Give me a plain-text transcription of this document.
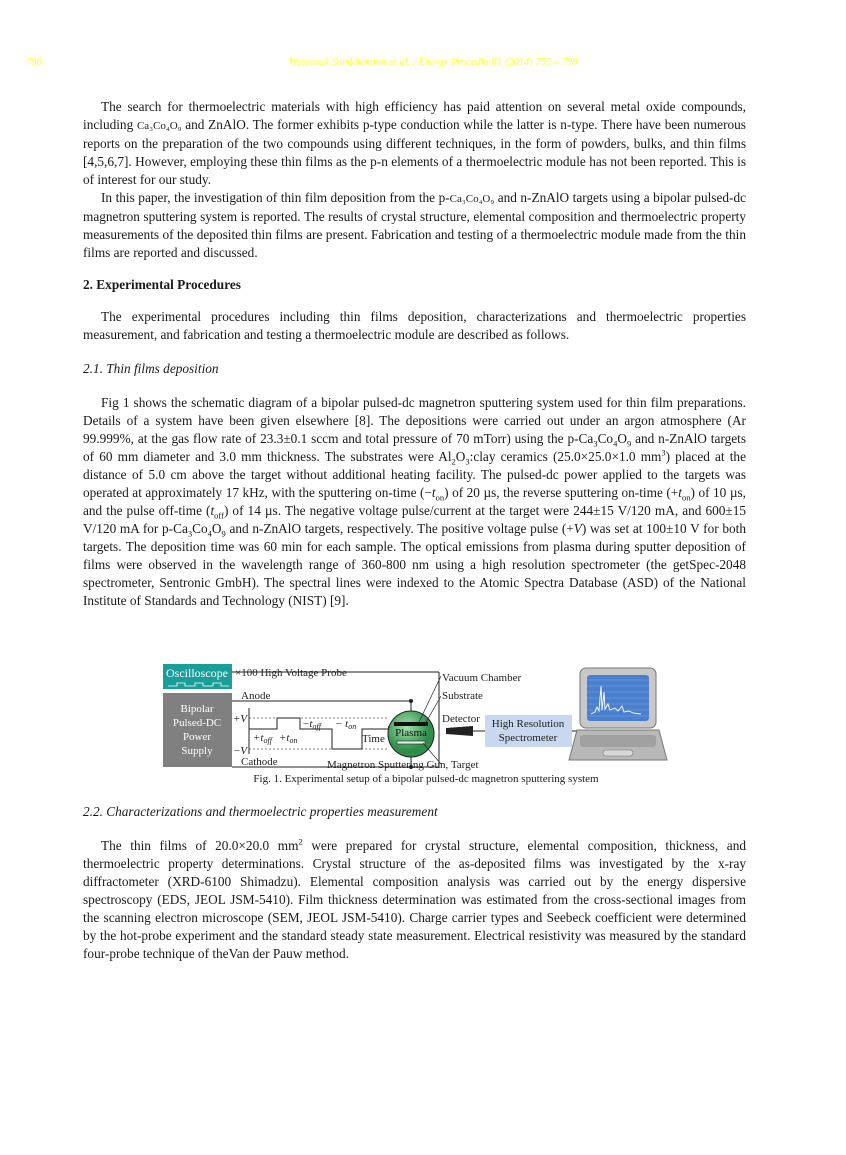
796	Weerasak Somkhunthot et al. / Energy Procedia 61 (2014) 795 – 798

The search for thermoelectric materials with high efficiency has paid attention on several metal oxide compounds, including Ca₃Co₄O₉ and ZnAlO. The former exhibits p-type conduction while the latter is n-type. There have been numerous reports on the preparation of the two compounds using different techniques, in the form of powders, bulks, and thin films [4,5,6,7]. However, employing these thin films as the p-n elements of a thermoelectric module has not been reported. This is of interest for our study.

In this paper, the investigation of thin film deposition from the p-Ca₃Co₄O₉ and n-ZnAlO targets using a bipolar pulsed-dc magnetron sputtering system is reported. The results of crystal structure, elemental composition and thermoelectric property measurements of the deposited thin films are present. Fabrication and testing of a thermoelectric module made from the thin films are reported and discussed.

2. Experimental Procedures

The experimental procedures including thin films deposition, characterizations and thermoelectric properties measurement, and fabrication and testing a thermoelectric module are described as follows.

2.1. Thin films deposition

Fig 1 shows the schematic diagram of a bipolar pulsed-dc magnetron sputtering system used for thin film preparations. Details of a system have been given elsewhere [8]. The depositions were carried out under an argon atmosphere (Ar 99.999%, at the gas flow rate of 23.3±0.1 sccm and total pressure of 70 mTorr) using the $p-Ca_3Co_4O_9$ and n-ZnAlO targets of 60 mm diameter and 3.0 mm thickness. The substrates were $Al_2O_3:clay$ ceramics (25.0×25.0×1.0 $mm^3$) placed at the distance of 5.0 cm above the target without additional heating facility. The pulsed-dc power applied to the targets was operated at approximately 17 kHz, with the sputtering on-time $(-t_{on})$ of 20 µs, the reverse sputtering on-time $(+t_{on})$ of 10 µs, and the pulse off-time $(t_{off})$ of 14 µs. The negative voltage pulse/current at the target were 244±15 V/120 mA, and 600±15 V/120 mA for $p-Ca_3Co_4O_9$ and n-ZnAlO targets, respectively. The positive voltage pulse (+V) was set at 100±10 V for both targets. The deposition time was 60 min for each sample. The optical emissions from plasma during sputter deposition of films were observed in the wavelength range of 360-800 nm using a high resolution spectrometer (the getSpec-2048 spectrometer, Sentronic GmbH). The spectral lines were indexed to the Atomic Spectra Database (ASD) of the National Institute of Standards and Technology (NIST) [9].

Oscilloscope
Bipolar
Pulsed-DC
Power
Supply
×100 High Voltage Probe
Anode
Cathode
+V
−V
+toff +ton
−toff − ton
Time Plasma
Vacuum Chamber
Substrate
Detector
Magnetron Sputtering Gun, Target
High Resolution
Spectrometer
Fig. 1. Experimental setup of a bipolar pulsed-dc magnetron sputtering system
2.2. Characterizations and thermoelectric properties measurement

The thin films of 20.0×20.0 $mm^2$ were prepared for crystal structure, elemental composition, thickness, and thermoelectric property determinations. Crystal structure of the as-deposited films was investigated by the x-ray diffractometer (XRD-6100 Shimadzu). Elemental composition analysis was carried out by the energy dispersive spectroscopy (EDS, JEOL JSM-5410). Film thickness determination was estimated from the cross-sectional images from the scanning electron microscope (SEM, JEOL JSM-5410). Charge carrier types and Seebeck coefficient were determined by the hot-probe experiment and the standard steady state measurement. Electrical resistivity was measured by the standard four-probe technique of theVan der Pauw method.
